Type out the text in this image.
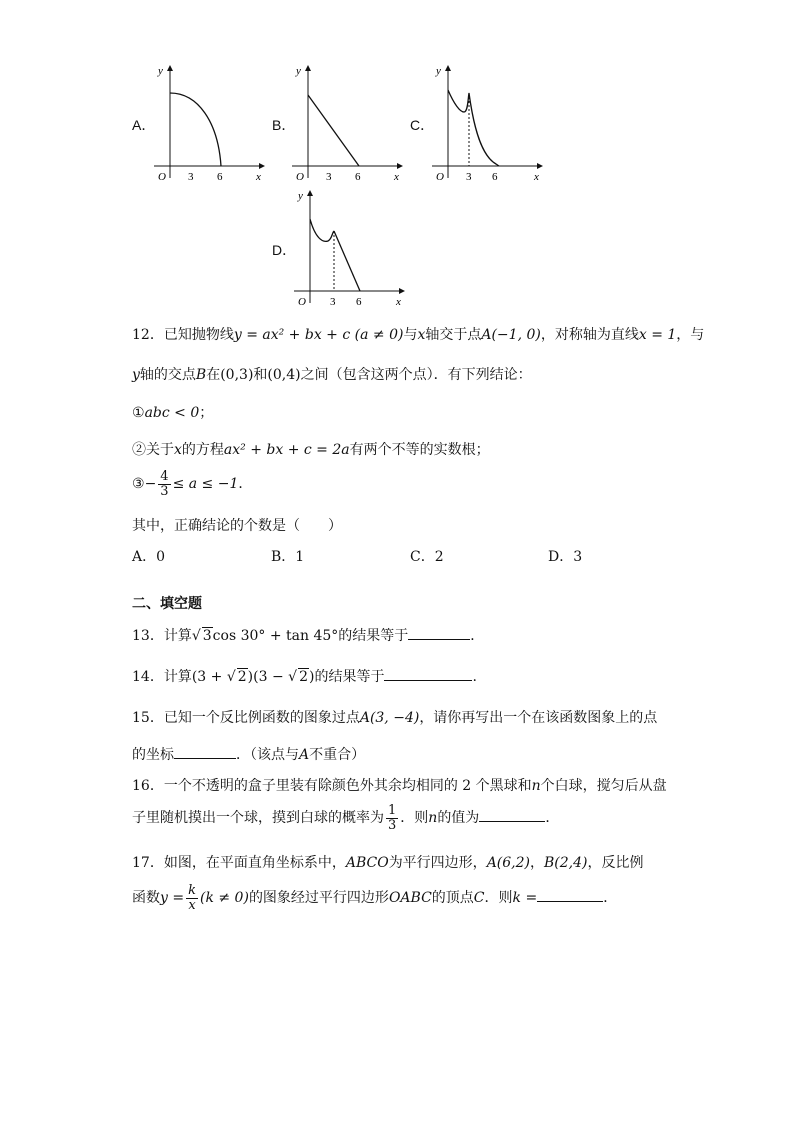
A．
O 3 6	x
y
B．
O 3 6	x
y
C．
O 3 6	x
y
D．
O 3 6	x
y
12．已知抛物线y = ax² + bx + c (a ≠ 0)与x轴交于点A(−1, 0)，对称轴为直线x = 1，与
y轴的交点B在(0,3)和(0,4)之间（包含这两个点）．有下列结论：
①abc < 0；
②关于x的方程ax² + bx + c = 2a有两个不等的实数根；
③− $\frac{4}{3} \le a \le -1$．
其中，正确结论的个数是（　　）
A．0	B．1	C．2	D．3
二、填空题
13．计算√ 3cos 30° + tan 45°的结果等于	．
14．计算(3 + √ 2)(3 − √ 2)的结果等于	.
15．已知一个反比例函数的图象过点A(3, −4)，请你再写出一个在该函数图象上的点
的坐标	．（该点与A不重合）
16．一个不透明的盒子里装有除颜色外其余均相同的 2 个黑球和n个白球，搅匀后从盘
子里随机摸出一个球，摸到白球的概率为 $\frac{1}{3}$ ．则n的值为	．
17．如图，在平面直角坐标系中，ABCO为平行四边形，A(6,2)，B(2,4)，反比例
函数$y = \frac{k}{x} (k \ne 0)$的图象经过平行四边形OABC的顶点C．则k =	．
